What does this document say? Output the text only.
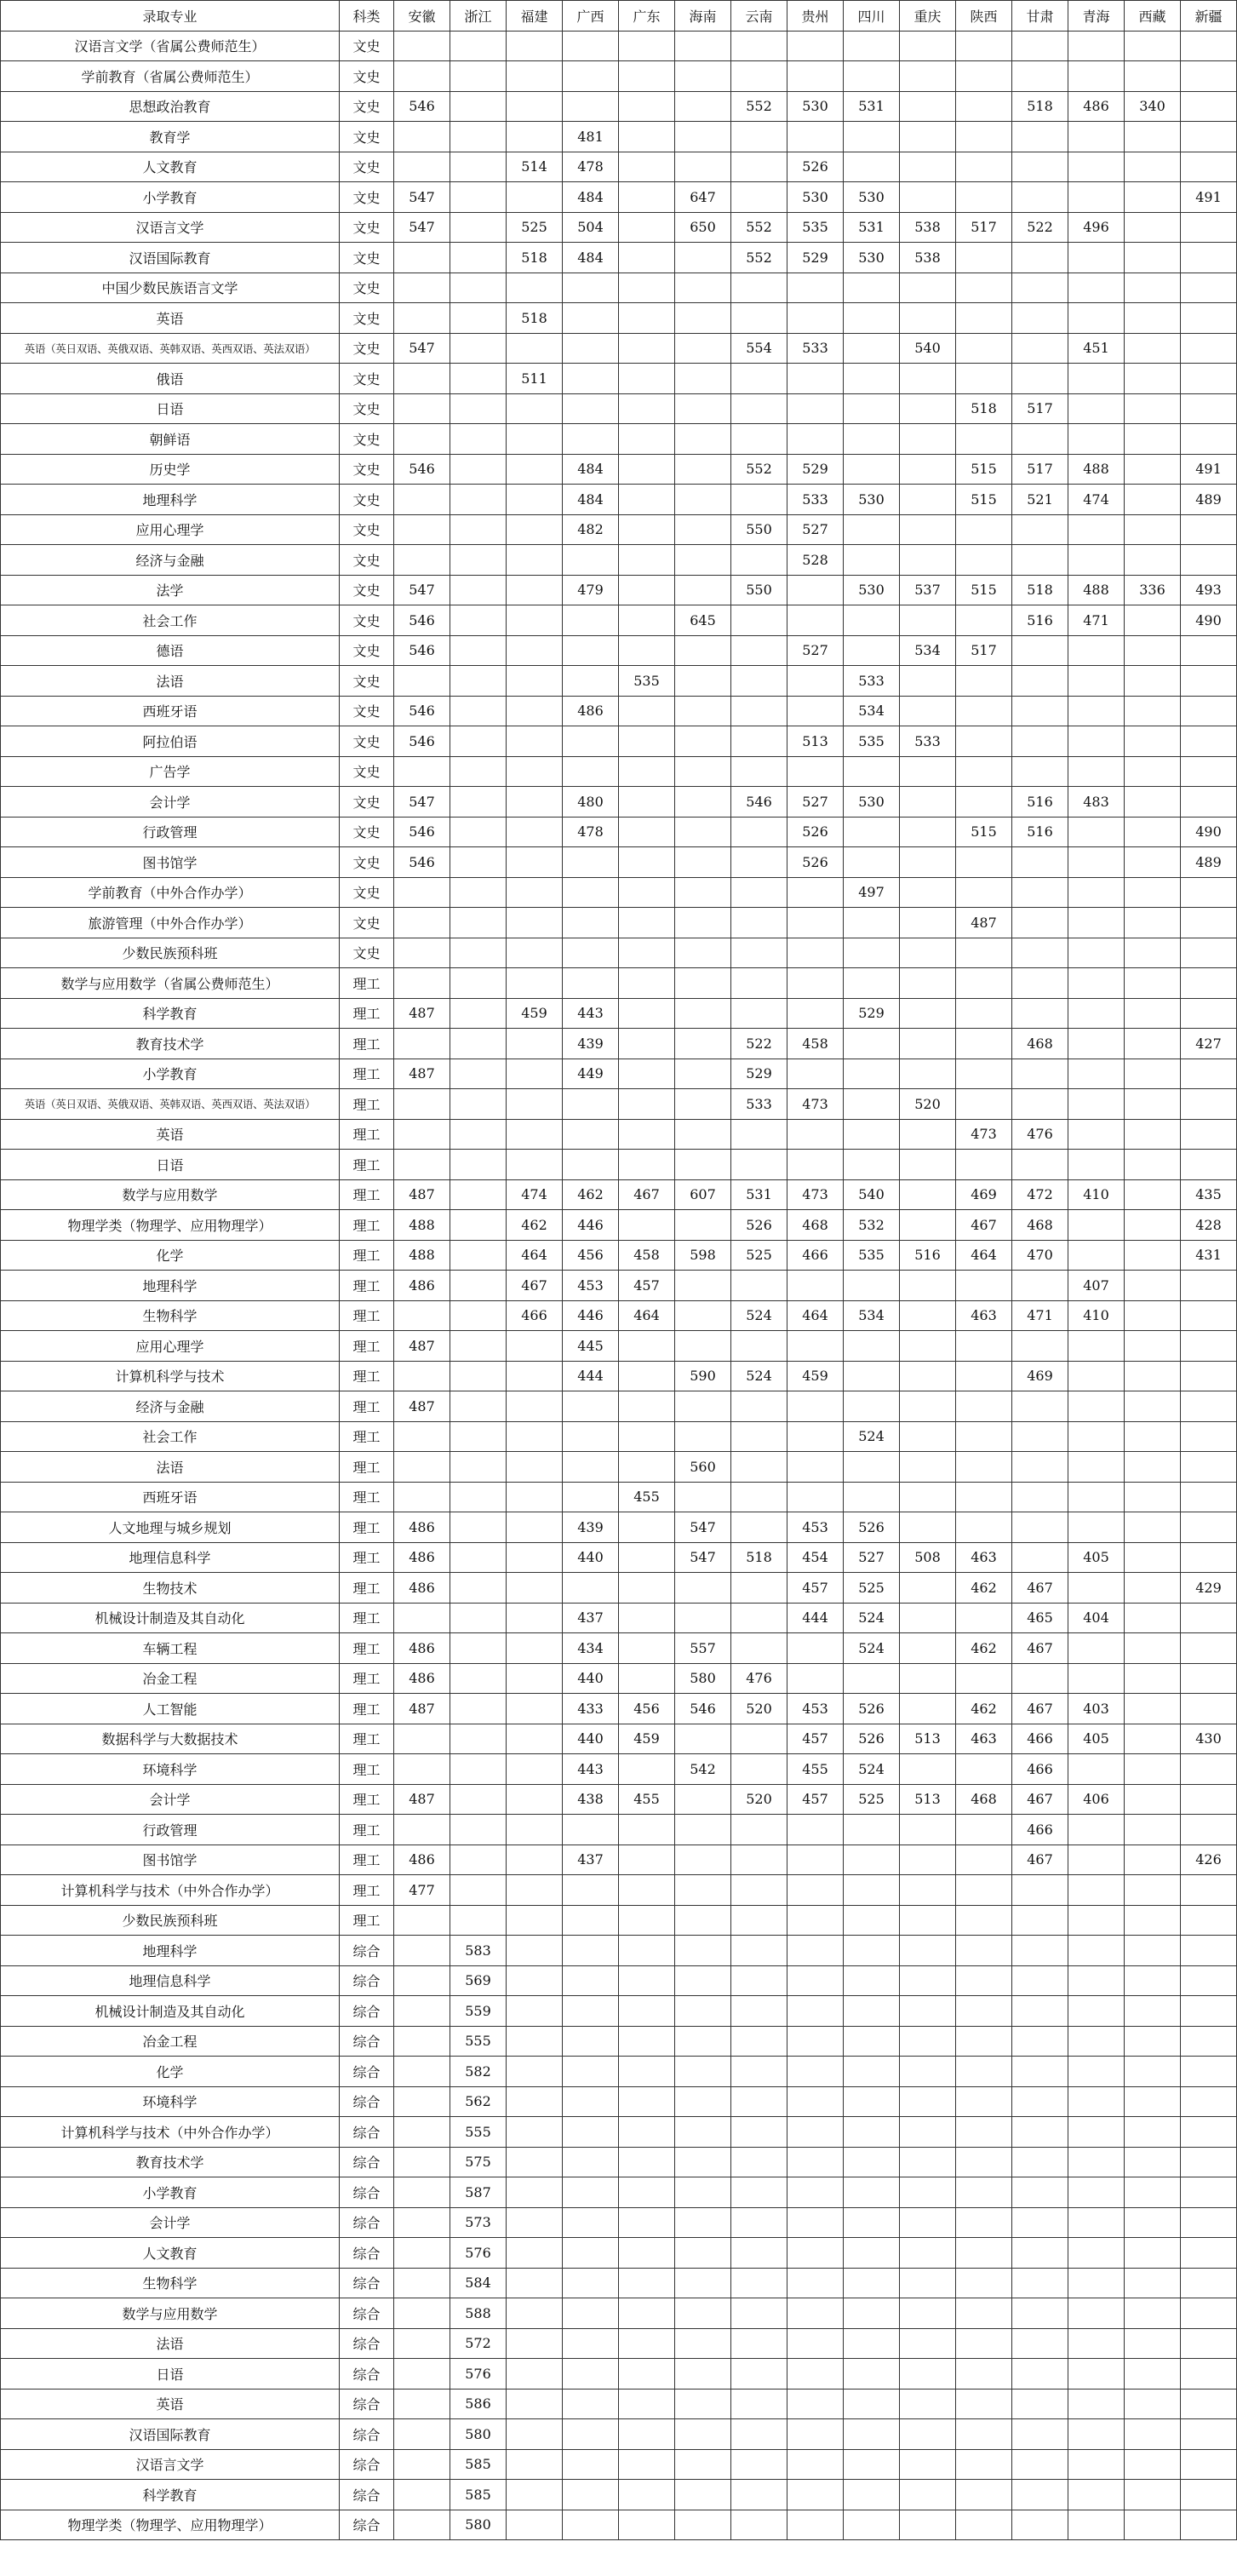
录取专业	科类	安徽	浙江	福建	广西	广东	海南	云南	贵州	四川	重庆	陕西	甘肃	青海	西藏	新疆
汉语言文学（省属公费师范生）	文史															
学前教育（省属公费师范生）	文史															
思想政治教育	文史	546						552	530	531			518	486	340	
教育学	文史				481											
人文教育	文史			514	478				526							
小学教育	文史	547			484		647		530	530						491
汉语言文学	文史	547		525	504		650	552	535	531	538	517	522	496		
汉语国际教育	文史			518	484			552	529	530	538					
中国少数民族语言文学	文史															
英语	文史			518												
英语（英日双语、英俄双语、英韩双语、英西双语、英法双语）	文史	547						554	533		540			451		
俄语	文史			511												
日语	文史											518	517			
朝鲜语	文史															
历史学	文史	546			484			552	529			515	517	488		491
地理科学	文史				484				533	530		515	521	474		489
应用心理学	文史				482			550	527							
经济与金融	文史								528							
法学	文史	547			479			550		530	537	515	518	488	336	493
社会工作	文史	546					645						516	471		490
德语	文史	546							527		534	517				
法语	文史					535				533						
西班牙语	文史	546			486					534						
阿拉伯语	文史	546							513	535	533					
广告学	文史															
会计学	文史	547			480			546	527	530			516	483		
行政管理	文史	546			478				526			515	516			490
图书馆学	文史	546							526							489
学前教育（中外合作办学）	文史									497						
旅游管理（中外合作办学）	文史											487				
少数民族预科班	文史															
数学与应用数学（省属公费师范生）	理工															
科学教育	理工	487		459	443					529						
教育技术学	理工				439			522	458				468			427
小学教育	理工	487			449			529								
英语（英日双语、英俄双语、英韩双语、英西双语、英法双语）	理工							533	473		520					
英语	理工											473	476			
日语	理工															
数学与应用数学	理工	487		474	462	467	607	531	473	540		469	472	410		435
物理学类（物理学、应用物理学）	理工	488		462	446			526	468	532		467	468			428
化学	理工	488		464	456	458	598	525	466	535	516	464	470			431
地理科学	理工	486		467	453	457								407		
生物科学	理工			466	446	464		524	464	534		463	471	410		
应用心理学	理工	487			445											
计算机科学与技术	理工				444		590	524	459				469			
经济与金融	理工	487														
社会工作	理工									524						
法语	理工						560									
西班牙语	理工					455										
人文地理与城乡规划	理工	486			439		547		453	526						
地理信息科学	理工	486			440		547	518	454	527	508	463		405		
生物技术	理工	486							457	525		462	467			429
机械设计制造及其自动化	理工				437				444	524			465	404		
车辆工程	理工	486			434		557			524		462	467			
冶金工程	理工	486			440		580	476								
人工智能	理工	487			433	456	546	520	453	526		462	467	403		
数据科学与大数据技术	理工				440	459			457	526	513	463	466	405		430
环境科学	理工				443		542		455	524			466			
会计学	理工	487			438	455		520	457	525	513	468	467	406		
行政管理	理工												466			
图书馆学	理工	486			437								467			426
计算机科学与技术（中外合作办学）	理工	477														
少数民族预科班	理工															
地理科学	综合		583													
地理信息科学	综合		569													
机械设计制造及其自动化	综合		559													
冶金工程	综合		555													
化学	综合		582													
环境科学	综合		562													
计算机科学与技术（中外合作办学）	综合		555													
教育技术学	综合		575													
小学教育	综合		587													
会计学	综合		573													
人文教育	综合		576													
生物科学	综合		584													
数学与应用数学	综合		588													
法语	综合		572													
日语	综合		576													
英语	综合		586													
汉语国际教育	综合		580													
汉语言文学	综合		585													
科学教育	综合		585													
物理学类（物理学、应用物理学）	综合		580													
